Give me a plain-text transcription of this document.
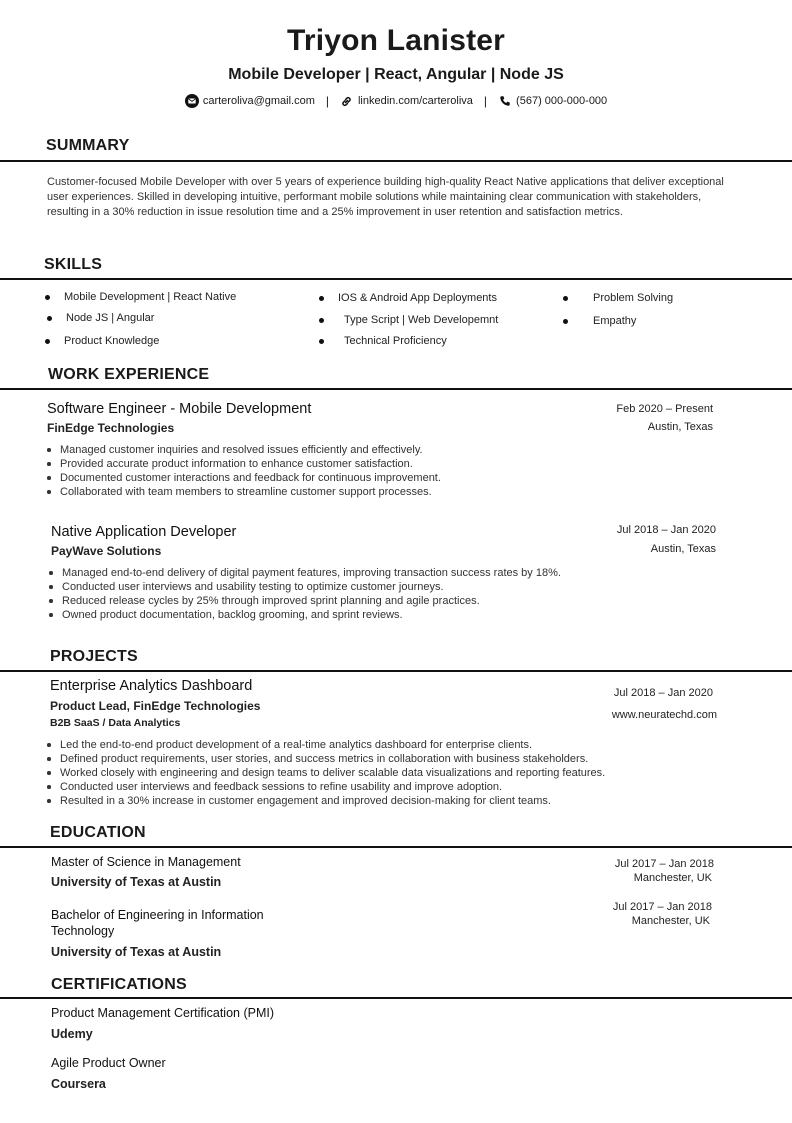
Triyon Lanister
Mobile Developer | React, Angular | Node JS
carteroliva@gmail.com |	linkedin.com/carteroliva |	(567) 000-000-000
SUMMARY
Customer-focused Mobile Developer with over 5 years of experience building high-quality React Native applications that deliver exceptional
user experiences. Skilled in developing intuitive, performant mobile solutions while maintaining clear communication with stakeholders,
resulting in a 30% reduction in issue resolution time and a 25% improvement in user retention and satisfaction metrics.
SKILLS
Mobile Development | React Native	IOS & Android App Deployments	Problem Solving
Node JS | Angular	Type Script | Web Developemnt	Empathy
Product Knowledge	Technical Proficiency
WORK EXPERIENCE
Software Engineer - Mobile Development
FinEdge Technologies
Feb 2020 – Present
Austin, Texas
Managed customer inquiries and resolved issues efficiently and effectively.
Provided accurate product information to enhance customer satisfaction.
Documented customer interactions and feedback for continuous improvement.
Collaborated with team members to streamline customer support processes.
Native Application Developer
PayWave Solutions
Jul 2018 – Jan 2020
Austin, Texas
Managed end-to-end delivery of digital payment features, improving transaction success rates by 18%.
Conducted user interviews and usability testing to optimize customer journeys.
Reduced release cycles by 25% through improved sprint planning and agile practices.
Owned product documentation, backlog grooming, and sprint reviews.
PROJECTS
Enterprise Analytics Dashboard
Product Lead, FinEdge Technologies
B2B SaaS / Data Analytics
Jul 2018 – Jan 2020
www.neuratechd.com
Led the end-to-end product development of a real-time analytics dashboard for enterprise clients.
Defined product requirements, user stories, and success metrics in collaboration with business stakeholders.
Worked closely with engineering and design teams to deliver scalable data visualizations and reporting features.
Conducted user interviews and feedback sessions to refine usability and improve adoption.
Resulted in a 30% increase in customer engagement and improved decision-making for client teams.
EDUCATION
Master of Science in Management
University of Texas at Austin
Jul 2017 – Jan 2018
Manchester, UK
Bachelor of Engineering in Information
Technology
University of Texas at Austin
Jul 2017 – Jan 2018
Manchester, UK
CERTIFICATIONS
Product Management Certification (PMI)
Udemy
Agile Product Owner
Coursera
